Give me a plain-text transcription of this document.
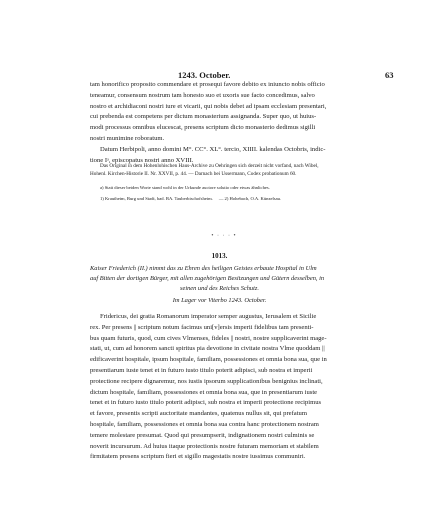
1243. October.	63

tam honorifico proposito commendare et prosequi favore debito ex iniuncto nobis officio

teneamur, consensum nostrum tam honesto suo et uxoris sue facto concedimus, salvo

nostro et archidiaconi nostri iure et vicarii, qui nobis debet ad ipsam ecclesiam presentari,

cui prebenda est competens per dictum monasterium assignanda. Super quo, ut huius-

modi processus omnibus elucescat, presens scriptum dicto monasterio dedimus sigilli

nostri munimine roboratum.

Datum Herbipoli, anno domini M°. CC°. XL°. tercio, XIIII. kalendas Octobris, indic-

tione Iᵃ, episcopatus nostri anno XVIII.

Das Original in dem Hohenlohischen Haus-Archive zu Oehringen sich derzeit nicht vorfand, nach Wibel,

Hohenl. Kirchen-Historie II. Nr. XXVII, p. 44. — Darnach bei Ussermann, Codex probationum 60.

a) Statt dieser beiden Worte stand wohl in der Urkunde auctore solutio oder etwas ähnliches.

1) Krautheim, Burg und Stadt, bad. BA. Tauberbischofsheim. — 2) Hohebach, O.A. Künzelsau.
• · · · •
1013.

Kaiser Friederich (II.) nimmt das zu Ehren des heiligen Geistes erbaute Hospital in Ulm

auf Bitten der dortigen Bürger, mit allen zugehörigen Besitzungen und Gütern desselben, in

seinen und des Reiches Schutz.

Im Lager vor Viterbo 1243. October.

Fridericus, dei gratia Romanorum imperator semper augustus, Ierusalem et Sicilie

rex. Per presens || scriptum notum facimus uni[v]ersis imperii fidelibus tam presenti-

bus quam futuris, quod, cum cives Vlmenses, fideles || nostri, nostre supplicaverint mage-

stati, ut, cum ad honorem sancti spiritus pia devotione in civitate nostra Vlme quoddam ||

edificaverint hospitale, ipsum hospitale, familiam, possessiones et omnia bona sua, que in

presentiarum iuste tenet et in futuro iusto titulo poterit adipisci, sub nostra et imperii

protectione recipere dignaremur, nos iustis ipsorum supplicationibus benignius inclinati,

dictum hospitale, familiam, possessiones et omnia bona sua, que in presentiarum iuste

tenet et in futuro iusto titulo poterit adipisci, sub nostra et imperii protectione recipimus

et favore, presentis scripti auctoritate mandantes, quatenus nullus sit, qui prefatum

hospitale, familiam, possessiones et omnia bona sua contra hanc protectionem nostram

temere molestare presumat. Quod qui presumpserit, indignationem nostri culminis se

noverit incursurum. Ad huius itaque protectionis nostre futuram memoriam et stabilem

firmitatem presens scriptum fieri et sigillo magestatis nostre iussimus communiri.
